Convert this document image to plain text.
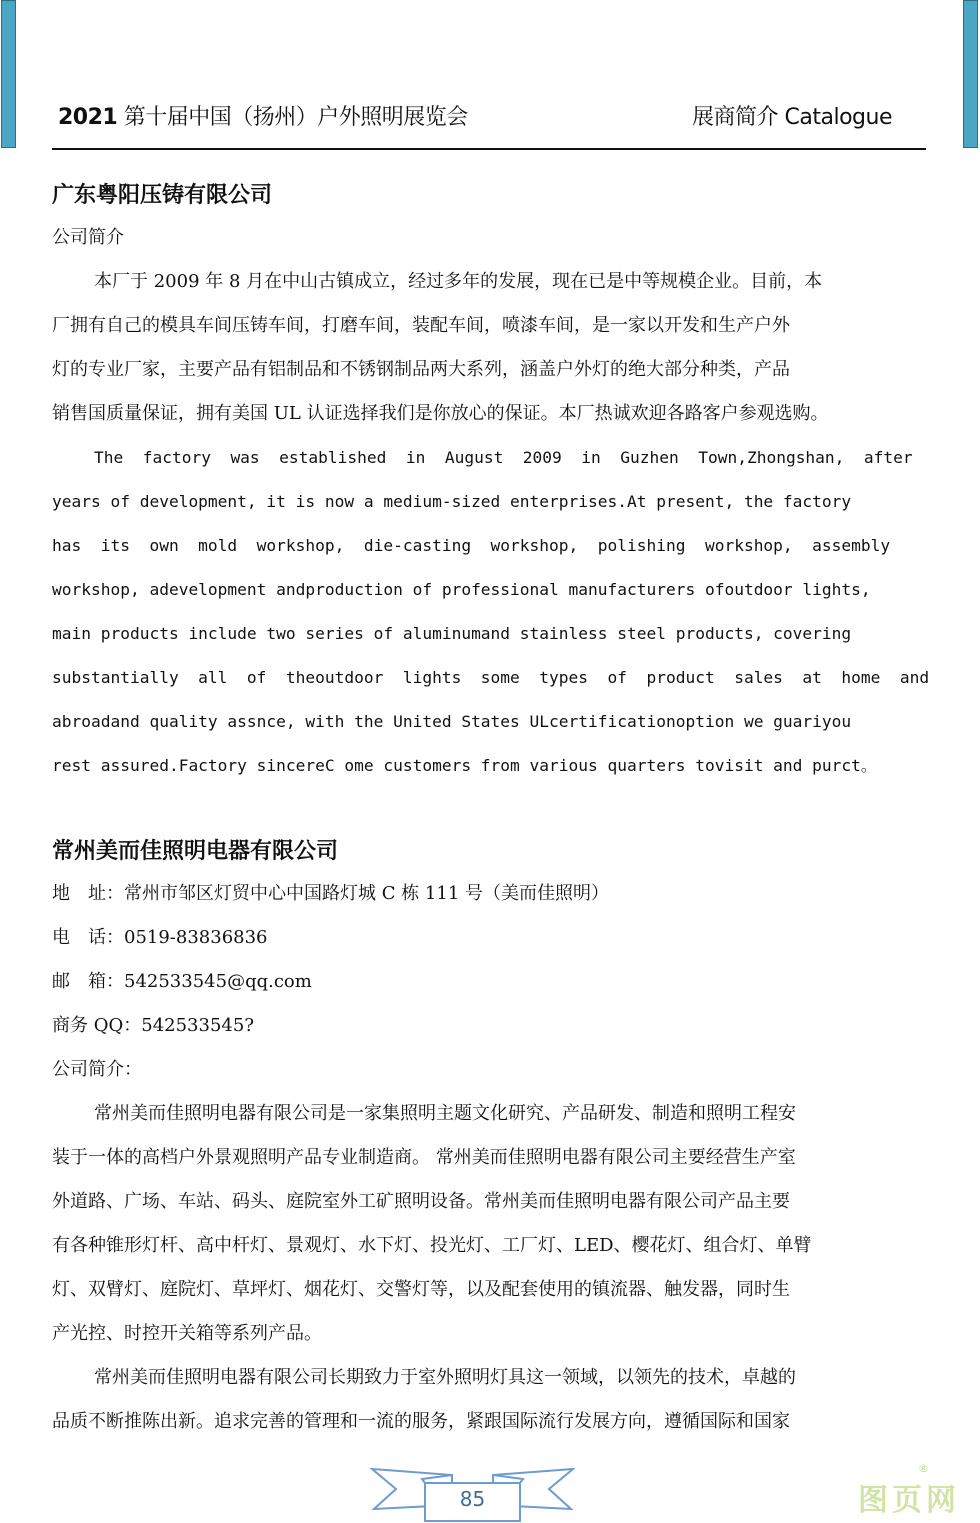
2021 第十届中国（扬州）户外照明展览会	展商简介 Catalogue
广东粤阳压铸有限公司
公司简介
本厂于 2009 年 8 月在中山古镇成立，经过多年的发展，现在已是中等规模企业。目前，本
厂拥有自己的模具车间压铸车间，打磨车间，装配车间，喷漆车间，是一家以开发和生产户外
灯的专业厂家，主要产品有铝制品和不锈钢制品两大系列，涵盖户外灯的绝大部分种类，产品
销售国质量保证，拥有美国 UL 认证选择我们是你放心的保证。本厂热诚欢迎各路客户参观选购。
The  factory  was  established  in  August  2009  in  Guzhen  Town,Zhongshan,  after
years of development, it is now a medium-sized enterprises.At present, the factory
has  its  own  mold  workshop,  die-casting  workshop,  polishing  workshop,  assembly
workshop, adevelopment andproduction of professional manufacturers ofoutdoor lights,
main products include two series of aluminumand stainless steel products, covering
substantially  all  of  theoutdoor  lights  some  types  of  product  sales  at  home  and
abroadand quality assnce, with the United States ULcertificationoption we guariyou
rest assured.Factory sincereC ome customers from various quarters tovisit and purct。
常州美而佳照明电器有限公司
地　址：常州市邹区灯贸中心中国路灯城 C 栋 111 号（美而佳照明）
电　话：0519-83836836
邮　箱：542533545@qq.com
商务 QQ：542533545?
公司简介：
常州美而佳照明电器有限公司是一家集照明主题文化研究、产品研发、制造和照明工程安
装于一体的高档户外景观照明产品专业制造商。 常州美而佳照明电器有限公司主要经营生产室
外道路、广场、车站、码头、庭院室外工矿照明设备。常州美而佳照明电器有限公司产品主要
有各种锥形灯杆、高中杆灯、景观灯、水下灯、投光灯、工厂灯、LED、樱花灯、组合灯、单臂
灯、双臂灯、庭院灯、草坪灯、烟花灯、交警灯等，以及配套使用的镇流器、触发器，同时生
产光控、时控开关箱等系列产品。
常州美而佳照明电器有限公司长期致力于室外照明灯具这一领域，以领先的技术，卓越的
品质不断推陈出新。追求完善的管理和一流的服务，紧跟国际流行发展方向，遵循国际和国家
85	图页网
®
